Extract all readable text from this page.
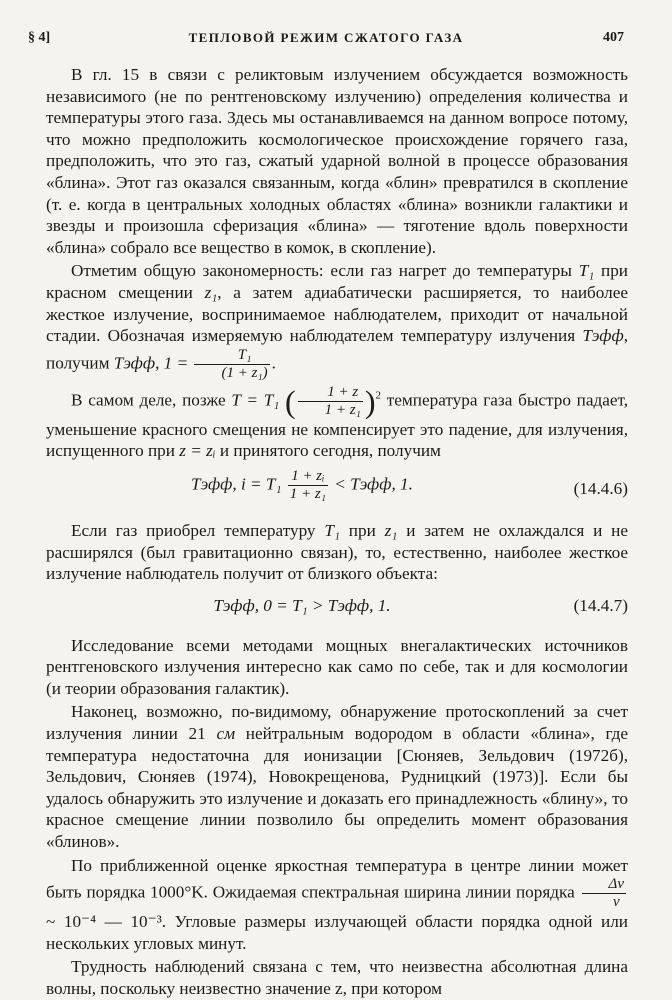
§ 4]	ТЕПЛОВОЙ РЕЖИМ СЖАТОГО ГАЗА	407

В гл. 15 в связи с реликтовым излучением обсуждается возможность независимого (не по рентгеновскому излучению) определения количества и температуры этого газа. Здесь мы останавливаемся на данном вопросе потому, что можно предположить космологическое происхождение горячего газа, предположить, что это газ, сжатый ударной волной в процессе образования «блина». Этот газ оказался связанным, когда «блин» превратился в скопление (т. е. когда в центральных холодных областях «блина» возникли галактики и звезды и произошла сферизация «блина» — тяготение вдоль поверхности «блина» собрало все вещество в комок, в скопление).

Отметим общую закономерность: если газ нагрет до температуры T₁ при красном смещении z₁, а затем адиабатически расширяется, то наиболее жесткое излучение, воспринимаемое наблюдателем, приходит от начальной стадии. Обозначая измеряемую наблюдателем температуру излучения Tэфф, получим Tэфф, $1 = \frac{\text{T₁}}{\text{(1 + z₁)}}$ .

В самом деле, позже T = T₁ ( $\frac{1 + z}{\text{1 + z₁}} )^2$ температура газа быстро падает, уменьшение красного смещения не компенсирует это падение, для излучения, испущенного при z = zᵢ и принятого сегодня, получим

Tэфф, $i = T_1 \frac{\text{1 + zᵢ}}{\text{1 + z₁}}$ < Tэфф, 1.	(14.4.6)

Если газ приобрел температуру T₁ при z₁ и затем не охлаждался и не расширялся (был гравитационно связан), то, естественно, наиболее жесткое излучение наблюдатель получит от близкого объекта:

Tэфф, 0 = T₁ > Tэфф, 1.	(14.4.7)

Исследование всеми методами мощных внегалактических источников рентгеновского излучения интересно как само по себе, так и для космологии (и теории образования галактик).

Наконец, возможно, по-видимому, обнаружение протоскоплений за счет излучения линии 21 см нейтральным водородом в области «блина», где температура недостаточна для ионизации [Сюняев, Зельдович (1972б), Зельдович, Сюняев (1974), Новокрещенова, Рудницкий (1973)]. Если бы удалось обнаружить это излучение и доказать его принадлежность «блину», то красное смещение линии позволило бы определить момент образования «блинов».

По приближенной оценке яркостная температура в центре линии может быть порядка 1000°K. Ожидаемая спектральная ширина линии порядка $\frac{\Delta\nu}{\nu}$
~ 10⁻⁴ — 10⁻³. Угловые размеры излучающей области порядка одной или нескольких угловых минут.

Трудность наблюдений связана с тем, что неизвестна абсолютная длина волны, поскольку неизвестно значение z, при котором
